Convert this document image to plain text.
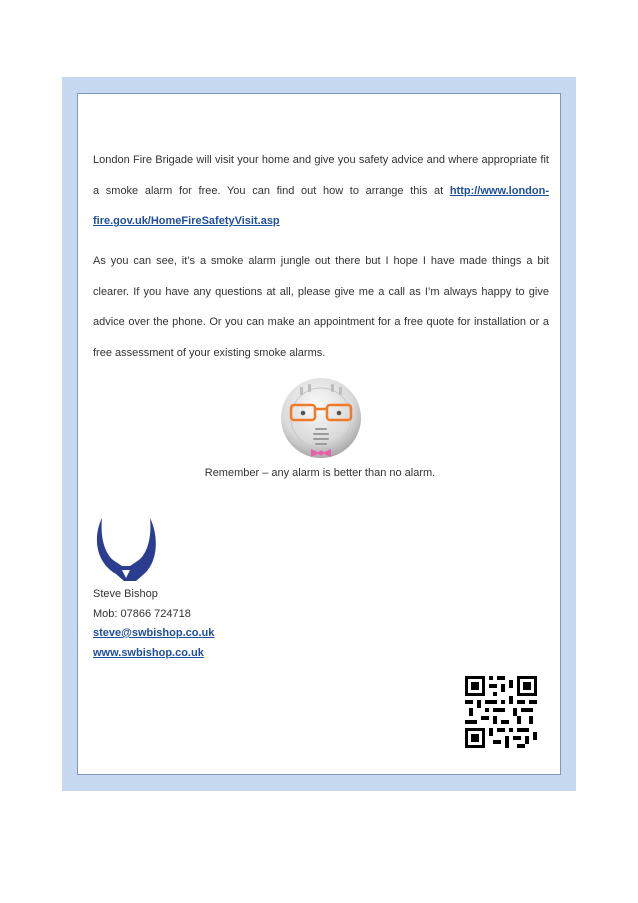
London Fire Brigade will visit your home and give you safety advice and where appropriate fit a smoke alarm for free. You can find out how to arrange this at http://www.london-fire.gov.uk/HomeFireSafetyVisit.asp
As you can see, it’s a smoke alarm jungle out there but I hope I have made things a bit clearer. If you have any questions at all, please give me a call as I’m always happy to give advice over the phone. Or you can make an appointment for a free quote for installation or a free assessment of your existing smoke alarms.
Remember – any alarm is better than no alarm.
Steve Bishop
Mob: 07866 724718
steve@swbishop.co.uk
www.swbishop.co.uk
